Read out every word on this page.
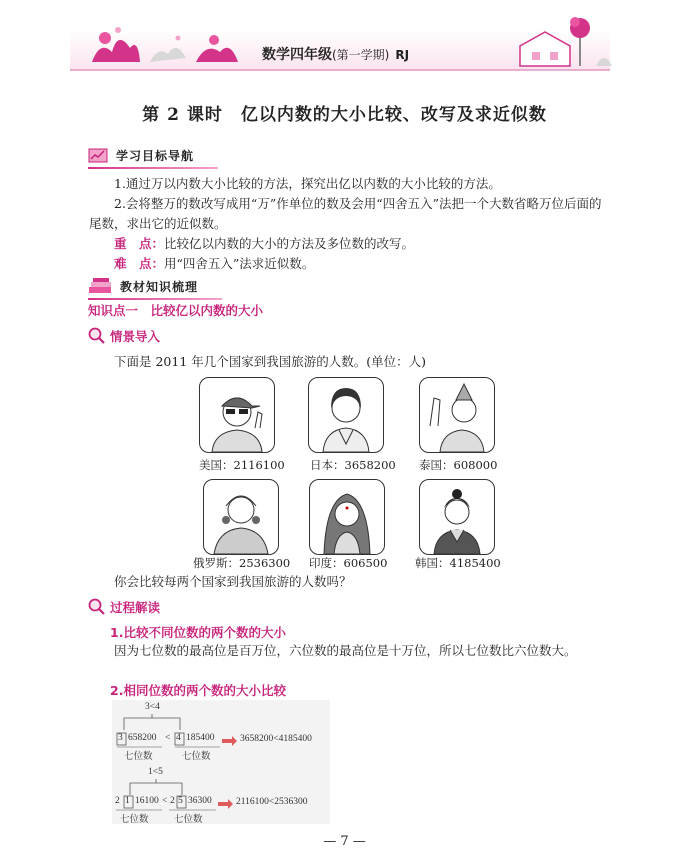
数学四年级(第一学期) RJ
第 2 课时　亿以内数的大小比较、改写及求近似数
学习目标导航
1.通过万以内数大小比较的方法，探究出亿以内数的大小比较的方法。
2.会将整万的数改写成用“万”作单位的数及会用“四舍五入”法把一个大数省略万位后面的尾数，求出它的近似数。
重　点：比较亿以内数的大小的方法及多位数的改写。
难　点：用“四舍五入”法求近似数。
教材知识梳理
知识点一　比较亿以内数的大小
情景导入
下面是 2011 年几个国家到我国旅游的人数。(单位：人)
美国：2116100 日本：3658200 泰国：608000
俄罗斯：2536300 印度：606500 韩国：4185400
你会比较每两个国家到我国旅游的人数吗？
过程解读
1.比较不同位数的两个数的大小
因为七位数的最高位是百万位，六位数的最高位是十万位，所以七位数比六位数大。
2.相同位数的两个数的大小比较
3<4
3 658200 < 4 185400	3658200<4185400
七位数	七位数
1<5
2 1 16100 < 2 5 36300	2116100<2536300
七位数	七位数
— 7 —
